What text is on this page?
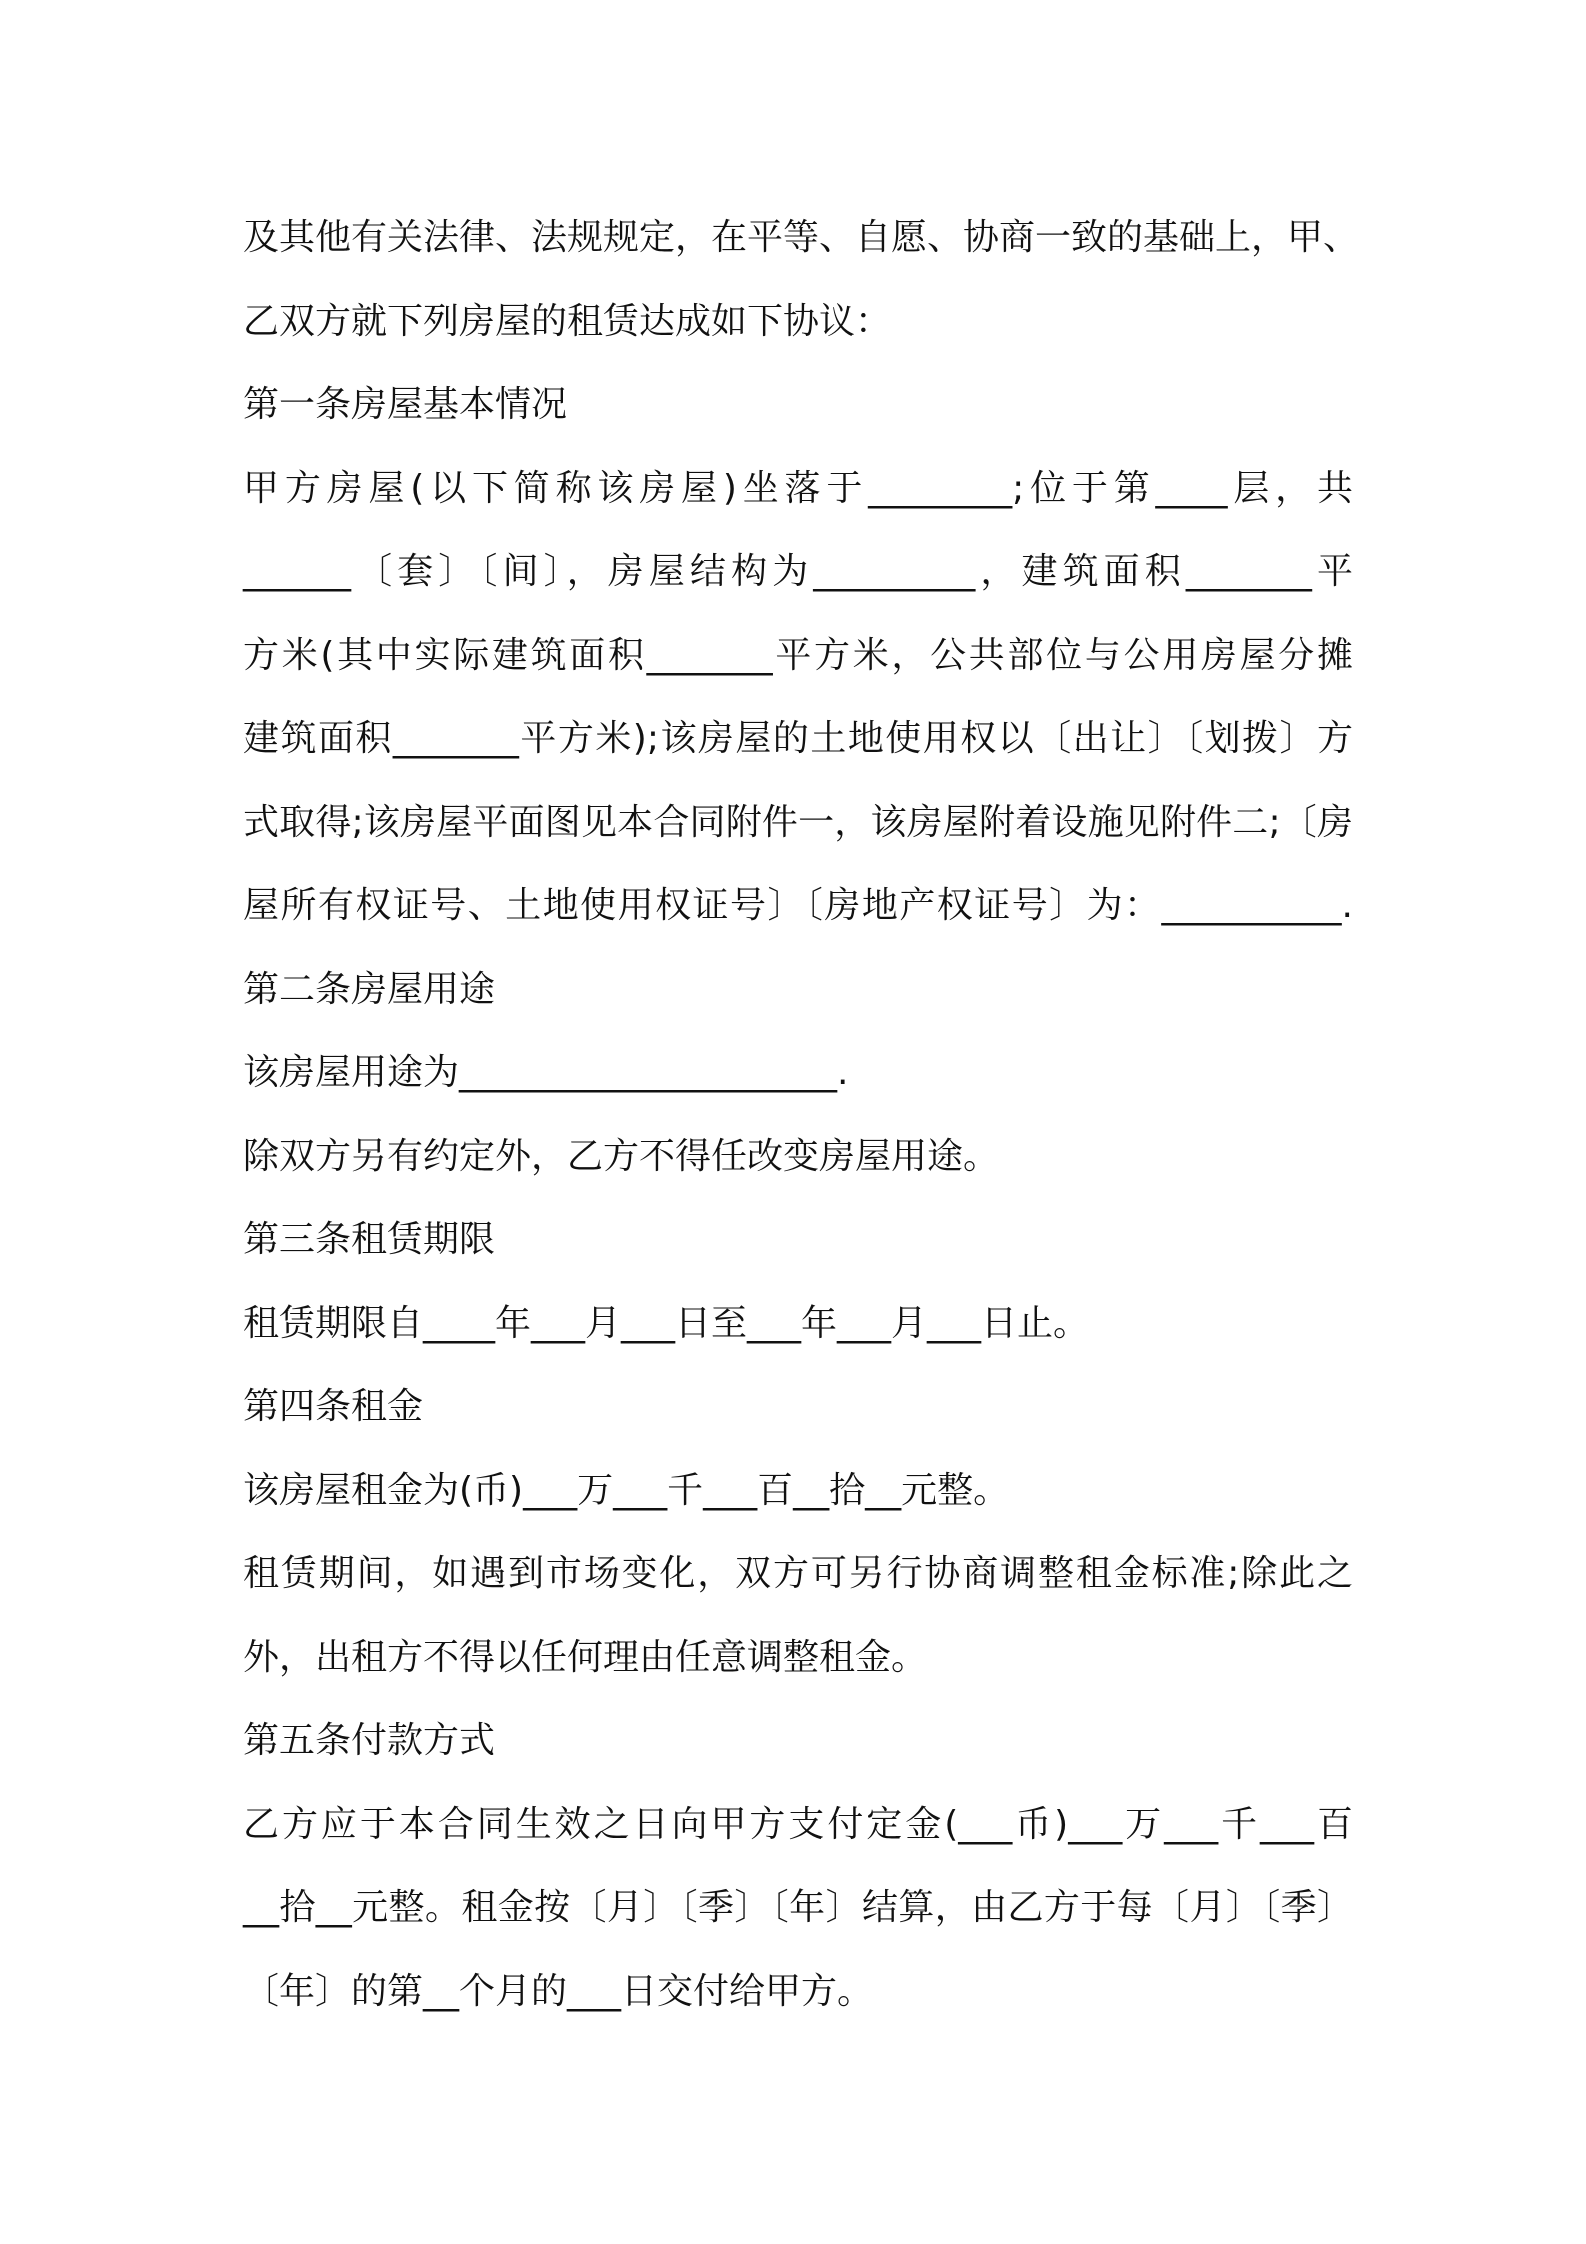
及其他有关法律、法规规定，在平等、自愿、协商一致的基础上，甲、
乙双方就下列房屋的租赁达成如下协议：
第一条房屋基本情况
甲方房屋(以下简称该房屋)坐落于________;位于第____层，共
______〔套〕〔间〕，房屋结构为_________，建筑面积_______平
方米(其中实际建筑面积_______平方米，公共部位与公用房屋分摊
建筑面积_______平方米);该房屋的土地使用权以〔出让〕〔划拨〕方
式取得;该房屋平面图见本合同附件一，该房屋附着设施见附件二;〔房
屋所有权证号、土地使用权证号〕〔房地产权证号〕为：__________.
第二条房屋用途
该房屋用途为_____________________.
除双方另有约定外，乙方不得任改变房屋用途。
第三条租赁期限
租赁期限自____年___月___日至___年___月___日止。
第四条租金
该房屋租金为(币)___万___千___百__拾__元整。
租赁期间，如遇到市场变化，双方可另行协商调整租金标准;除此之
外，出租方不得以任何理由任意调整租金。
第五条付款方式
乙方应于本合同生效之日向甲方支付定金(___币)___万___千___百
__拾__元整。租金按〔月〕〔季〕〔年〕结算，由乙方于每〔月〕〔季〕
〔年〕的第__个月的___日交付给甲方。
